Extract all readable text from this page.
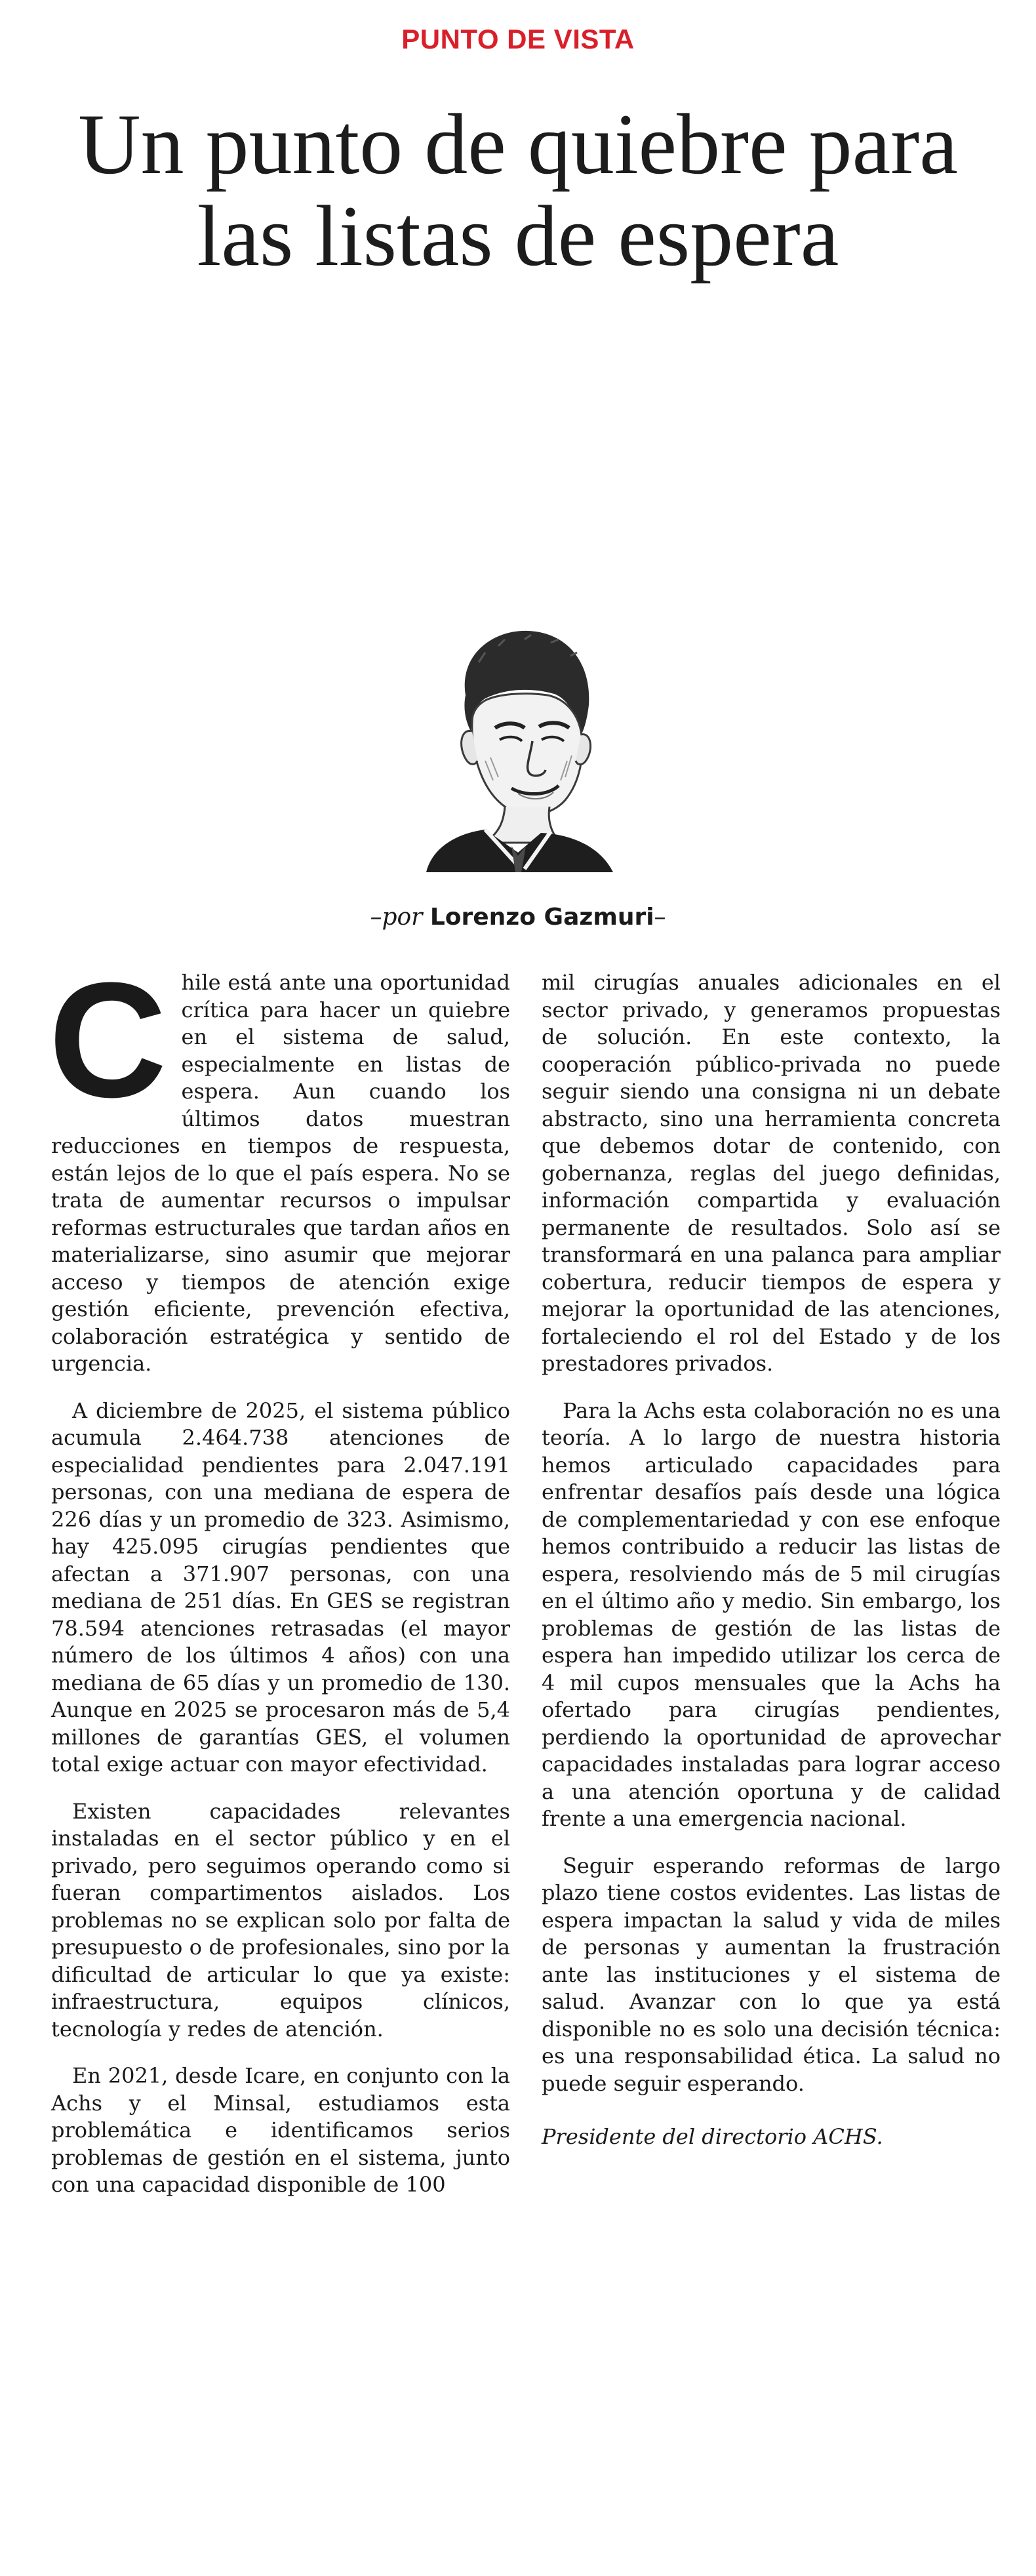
PUNTO DE VISTA
Un punto de quiebre para las listas de espera
–por Lorenzo Gazmuri–

Chile está ante una oportunidad crítica para hacer un quiebre en el sistema de salud, especialmente en listas de espera. Aun cuando los últimos datos muestran reducciones en tiempos de respuesta, están lejos de lo que el país espera. No se trata de aumentar recursos o impulsar reformas estructurales que tardan años en materializarse, sino asumir que mejorar acceso y tiempos de atención exige gestión eficiente, prevención efectiva, colaboración estratégica y sentido de urgencia.

A diciembre de 2025, el sistema público acumula 2.464.738 atenciones de especialidad pendientes para 2.047.191 personas, con una mediana de espera de 226 días y un promedio de 323. Asimismo, hay 425.095 cirugías pendientes que afectan a 371.907 personas, con una mediana de 251 días. En GES se registran 78.594 atenciones retrasadas (el mayor número de los últimos 4 años) con una mediana de 65 días y un promedio de 130. Aunque en 2025 se procesaron más de 5,4 millones de garantías GES, el volumen total exige actuar con mayor efectividad.

Existen capacidades relevantes instaladas en el sector público y en el privado, pero seguimos operando como si fueran compartimentos aislados. Los problemas no se explican solo por falta de presupuesto o de profesionales, sino por la dificultad de articular lo que ya existe: infraestructura, equipos clínicos, tecnología y redes de atención.

En 2021, desde Icare, en conjunto con la Achs y el Minsal, estudiamos esta problemática e identificamos serios problemas de gestión en el sistema, junto con una capacidad disponible de 100

mil cirugías anuales adicionales en el sector privado, y generamos propuestas de solución. En este contexto, la cooperación público-privada no puede seguir siendo una consigna ni un debate abstracto, sino una herramienta concreta que debemos dotar de contenido, con gobernanza, reglas del juego definidas, información compartida y evaluación permanente de resultados. Solo así se transformará en una palanca para ampliar cobertura, reducir tiempos de espera y mejorar la oportunidad de las atenciones, fortaleciendo el rol del Estado y de los prestadores privados.

Para la Achs esta colaboración no es una teoría. A lo largo de nuestra historia hemos articulado capacidades para enfrentar desafíos país desde una lógica de complementariedad y con ese enfoque hemos contribuido a reducir las listas de espera, resolviendo más de 5 mil cirugías en el último año y medio. Sin embargo, los problemas de gestión de las listas de espera han impedido utilizar los cerca de 4 mil cupos mensuales que la Achs ha ofertado para cirugías pendientes, perdiendo la oportunidad de aprovechar capacidades instaladas para lograr acceso a una atención oportuna y de calidad frente a una emergencia nacional.

Seguir esperando reformas de largo plazo tiene costos evidentes. Las listas de espera impactan la salud y vida de miles de personas y aumentan la frustración ante las instituciones y el sistema de salud. Avanzar con lo que ya está disponible no es solo una decisión técnica: es una responsabilidad ética. La salud no puede seguir esperando.

Presidente del directorio ACHS.
